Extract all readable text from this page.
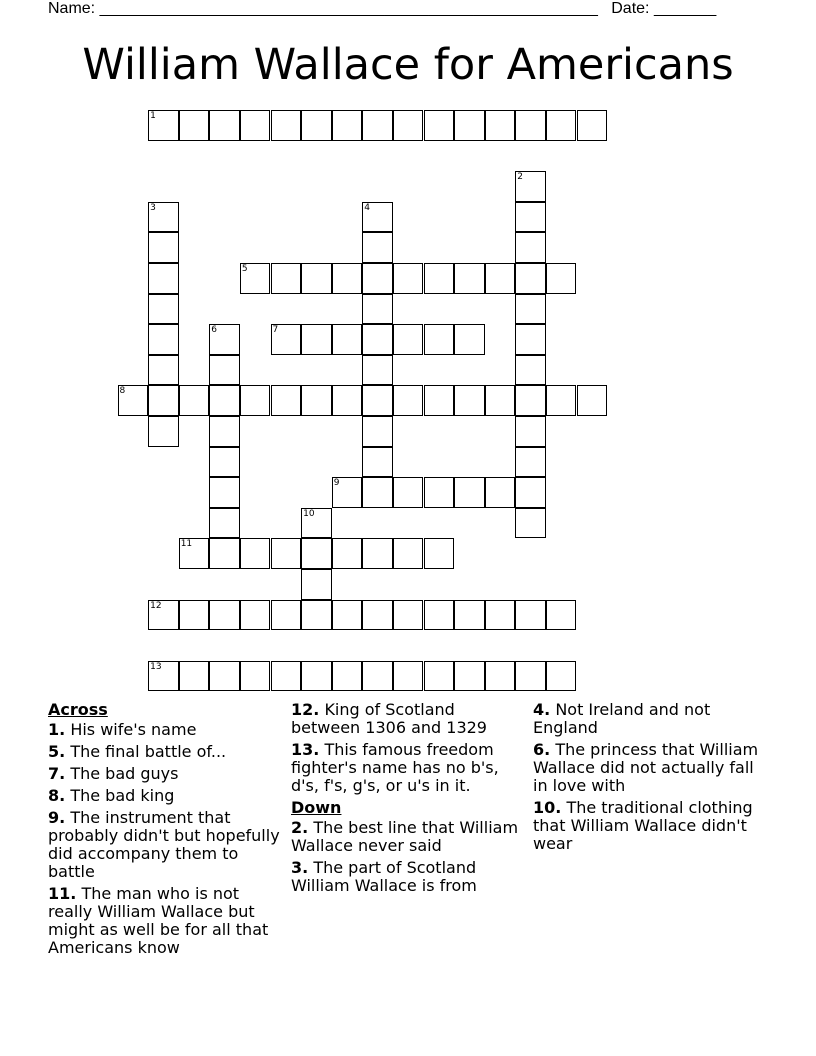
Name: ________________________________________________________ Date: _______
William Wallace for Americans
1
2
3	4
5
6	7
8
9
10
11
12
13
Across
1. His wife's name
5. The final battle of...
7. The bad guys
8. The bad king
9. The instrument that probably didn't but hopefully did accompany them to battle
11. The man who is not really William Wallace but might as well be for all that Americans know
12. King of Scotland between 1306 and 1329
13. This famous freedom fighter's name has no b's, d's, f's, g's, or u's in it.
Down
2. The best line that William Wallace never said
3. The part of Scotland William Wallace is from
4. Not Ireland and not England
6. The princess that William Wallace did not actually fall in love with
10. The traditional clothing that William Wallace didn't wear
